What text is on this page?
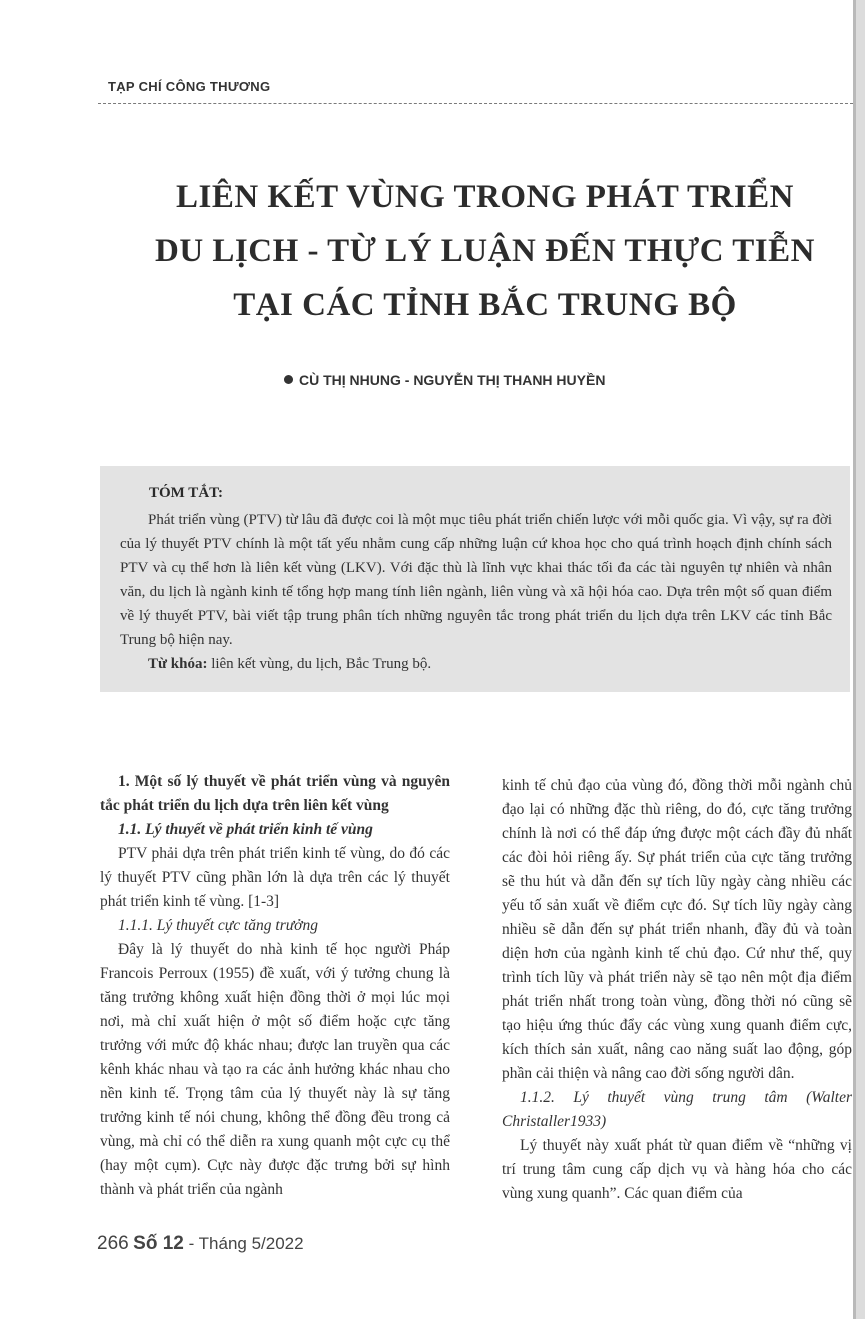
TẠP CHÍ CÔNG THƯƠNG
LIÊN KẾT VÙNG TRONG PHÁT TRIỂN
DU LỊCH - TỪ LÝ LUẬN ĐẾN THỰC TIỄN
TẠI CÁC TỈNH BẮC TRUNG BỘ
CÙ THỊ NHUNG - NGUYỄN THỊ THANH HUYỀN
TÓM TẮT:

Phát triển vùng (PTV) từ lâu đã được coi là một mục tiêu phát triển chiến lược với mỗi quốc gia. Vì vậy, sự ra đời của lý thuyết PTV chính là một tất yếu nhằm cung cấp những luận cứ khoa học cho quá trình hoạch định chính sách PTV và cụ thể hơn là liên kết vùng (LKV). Với đặc thù là lĩnh vực khai thác tối đa các tài nguyên tự nhiên và nhân văn, du lịch là ngành kinh tế tổng hợp mang tính liên ngành, liên vùng và xã hội hóa cao. Dựa trên một số quan điểm về lý thuyết PTV, bài viết tập trung phân tích những nguyên tắc trong phát triển du lịch dựa trên LKV các tỉnh Bắc Trung bộ hiện nay.

Từ khóa: liên kết vùng, du lịch, Bắc Trung bộ.

1. Một số lý thuyết về phát triển vùng và nguyên tắc phát triển du lịch dựa trên liên kết vùng

1.1. Lý thuyết về phát triển kinh tế vùng

PTV phải dựa trên phát triển kinh tế vùng, do đó các lý thuyết PTV cũng phần lớn là dựa trên các lý thuyết phát triển kinh tế vùng. [1-3]

1.1.1. Lý thuyết cực tăng trưởng

Đây là lý thuyết do nhà kinh tế học người Pháp Francois Perroux (1955) đề xuất, với ý tưởng chung là tăng trưởng không xuất hiện đồng thời ở mọi lúc mọi nơi, mà chỉ xuất hiện ở một số điểm hoặc cực tăng trưởng với mức độ khác nhau; được lan truyền qua các kênh khác nhau và tạo ra các ảnh hưởng khác nhau cho nền kinh tế. Trọng tâm của lý thuyết này là sự tăng trưởng kinh tế nói chung, không thể đồng đều trong cả vùng, mà chỉ có thể diễn ra xung quanh một cực cụ thể (hay một cụm). Cực này được đặc trưng bởi sự hình thành và phát triển của ngành

kinh tế chủ đạo của vùng đó, đồng thời mỗi ngành chủ đạo lại có những đặc thù riêng, do đó, cực tăng trưởng chính là nơi có thể đáp ứng được một cách đầy đủ nhất các đòi hỏi riêng ấy. Sự phát triển của cực tăng trưởng sẽ thu hút và dẫn đến sự tích lũy ngày càng nhiều các yếu tố sản xuất về điểm cực đó. Sự tích lũy ngày càng nhiều sẽ dẫn đến sự phát triển nhanh, đầy đủ và toàn diện hơn của ngành kinh tế chủ đạo. Cứ như thế, quy trình tích lũy và phát triển này sẽ tạo nên một địa điểm phát triển nhất trong toàn vùng, đồng thời nó cũng sẽ tạo hiệu ứng thúc đẩy các vùng xung quanh điểm cực, kích thích sản xuất, nâng cao năng suất lao động, góp phần cải thiện và nâng cao đời sống người dân.

1.1.2. Lý thuyết vùng trung tâm (Walter Christaller1933)

Lý thuyết này xuất phát từ quan điểm về “những vị trí trung tâm cung cấp dịch vụ và hàng hóa cho các vùng xung quanh”. Các quan điểm của

266 Số 12 - Tháng 5/2022
